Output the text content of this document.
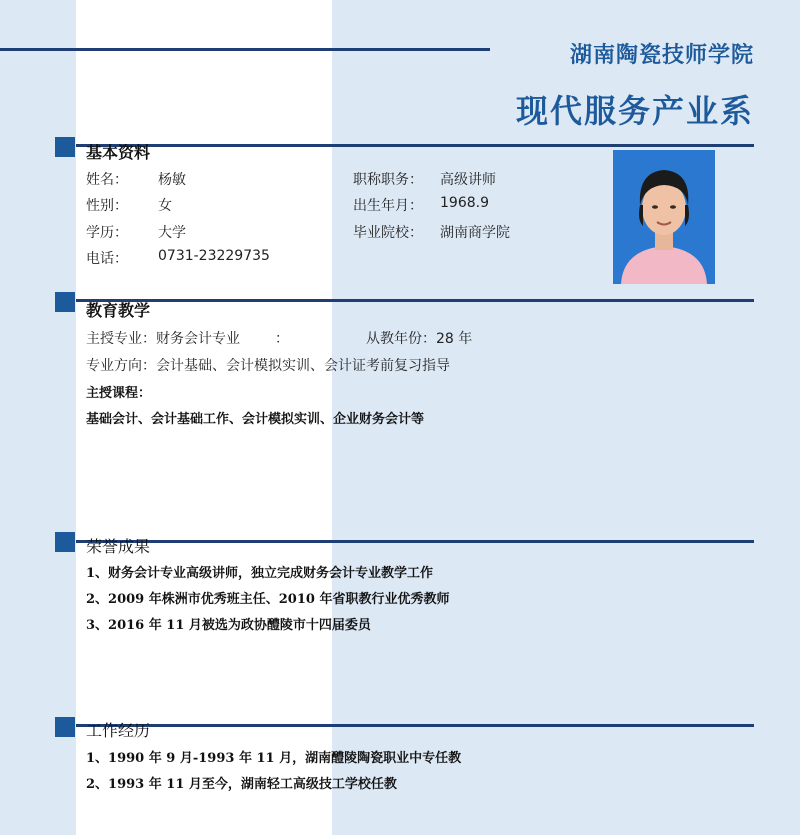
湖南陶瓷技师学院
现代服务产业系
基本资料
姓名： 杨敏
性别： 女
学历： 大学
电话： 0731-23229735
职称职务： 高级讲师
出生年月： 1968.9
毕业院校： 湖南商学院
教育教学
主授专业：财务会计专业	：	从教年份：28 年
专业方向：会计基础、会计模拟实训、会计证考前复习指导
主授课程：
基础会计、会计基础工作、会计模拟实训、企业财务会计等
荣誉成果
1、财务会计专业高级讲师，独立完成财务会计专业教学工作
2、2009 年株洲市优秀班主任、2010 年省职教行业优秀教师
3、2016 年 11 月被选为政协醴陵市十四届委员
工作经历
1、1990 年 9 月-1993 年 11 月，湖南醴陵陶瓷职业中专任教
2、1993 年 11 月至今，湖南轻工高级技工学校任教
